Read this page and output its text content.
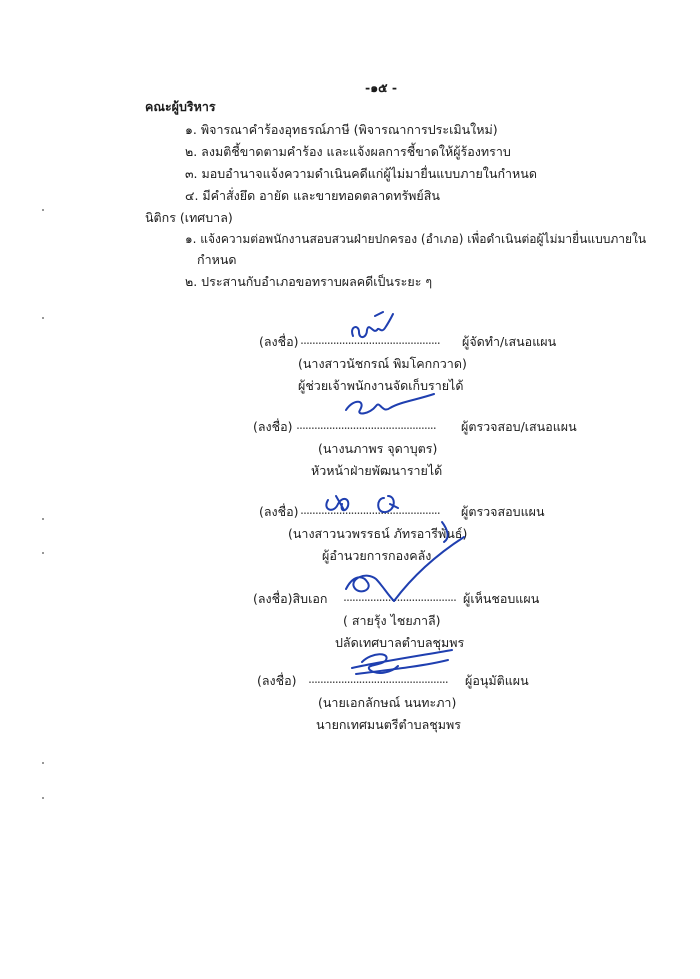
-๑๕ -
คณะผู้บริหาร
๑. พิจารณาคำร้องอุทธรณ์ภาษี (พิจารณาการประเมินใหม่)
๒. ลงมติชี้ขาดตามคำร้อง และแจ้งผลการชี้ขาดให้ผู้ร้องทราบ
๓. มอบอำนาจแจ้งความดำเนินคดีแก่ผู้ไม่มายื่นแบบภายในกำหนด
๔. มีคำสั่งยึด อายัด และขายทอดตลาดทรัพย์สิน
นิติกร (เทศบาล)
๑. แจ้งความต่อพนักงานสอบสวนฝ่ายปกครอง (อำเภอ) เพื่อดำเนินต่อผู้ไม่มายื่นแบบภายใน
กำหนด
๒. ประสานกับอำเภอขอทราบผลคดีเป็นระยะ ๆ
(ลงชื่อ) ............................................... ผู้จัดทำ/เสนอแผน
(นางสาวนัชกรณ์ พิมโคกกวาด)
ผู้ช่วยเจ้าพนักงานจัดเก็บรายได้
(ลงชื่อ) ............................................... ผู้ตรวจสอบ/เสนอแผน
(นางนภาพร จุดาบุตร)
หัวหน้าฝ่ายพัฒนารายได้
(ลงชื่อ) ............................................... ผู้ตรวจสอบแผน
(นางสาวนวพรรธน์ ภัทรอารีพันธ์)
ผู้อำนวยการกองคลัง
(ลงชื่อ)สิบเอก ...................................... ผู้เห็นชอบแผน
( สายรุ้ง ไชยภาลี)
ปลัดเทศบาลตำบลชุมพร
(ลงชื่อ) ............................................... ผู้อนุมัติแผน
(นายเอกลักษณ์ นนทะภา)
นายกเทศมนตรีตำบลชุมพร
